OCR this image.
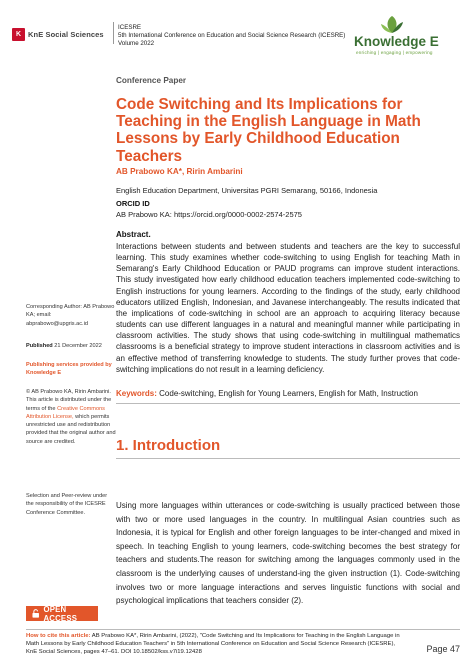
K KnE Social Sciences
ICESRE
5th International Conference on Education and Social Science Research (ICESRE)
Volume 2022	Knowledge E
enriching | engaging | empowering
Conference Paper
Code Switching and Its Implications for Teaching in the English Language in Math Lessons by Early Childhood Education Teachers
AB Prabowo KA*, Ririn Ambarini
English Education Department, Universitas PGRI Semarang, 50166, Indonesia
ORCID ID
AB Prabowo KA: https://orcid.org/0000-0002-2574-2575
Abstract.
Interactions between students and between students and teachers are the key to successful learning. This study examines whether code-switching to using English for teaching Math in Semarang's Early Childhood Education or PAUD programs can improve student interactions. This study investigated how early childhood education teachers implemented code-switching to English instructions for young learners. According to the findings of the study, early childhood educators utilized English, Indonesian, and Javanese interchangeably. The results indicated that the implications of code-switching in school are an approach to acquiring literacy because students can use different languages in a natural and meaningful manner while participating in classroom activities. The study shows that using code-switching in multilingual mathematics classrooms is a beneficial strategy to improve student interactions in classroom activities and is an effective method of transferring knowledge to students. The study further proves that code-switching implications do not result in a learning deficiency.
Keywords: Code-switching, English for Young Learners, English for Math, Instruction
1. Introduction
Using more languages within utterances or code-switching is usually practiced between those with two or more used languages in the country. In multilingual Asian countries such as Indonesia, it is typical for English and other foreign languages to be inter-changed and mixed in speech. In teaching English to young learners, code-switching becomes the best strategy for teachers and students.The reason for switching among the languages commonly used in the classroom is the underlying causes of understand-ing the given instruction (1). Code-switching involves two or more language interactions and serves linguistic functions with social and psychological implications that teachers consider (2).
Corresponding Author: AB Prabowo KA; email:
abprabowo@upgris.ac.id
Published 21 December 2022
Publishing services provided by Knowledge E
© AB Prabowo KA, Ririn Ambarini. This article is distributed under the terms of the Creative Commons Attribution License, which permits unrestricted use and redistribution provided that the original author and source are credited.
Selection and Peer-review under the responsibility of the ICESRE Conference Committee.
OPEN ACCESS
How to cite this article: AB Prabowo KA*, Ririn Ambarini, (2022), "Code Switching and Its Implications for Teaching in the English Language in Math Lessons by Early Childhood Education Teachers" in 5th International Conference on Education and Social Science Research (ICESRE), KnE Social Sciences, pages 47–61. DOI 10.18502/kss.v7i19.12428	Page 47
